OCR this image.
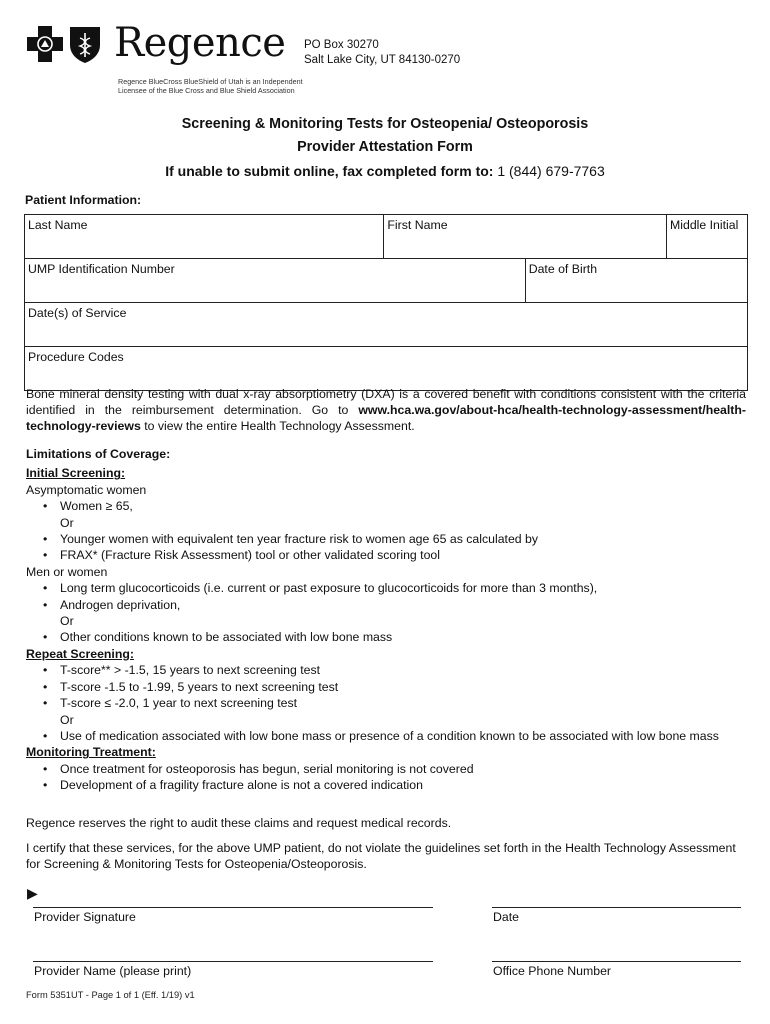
Regence
Regence BlueCross BlueShield of Utah is an Independent
Licensee of the Blue Cross and Blue Shield Association
PO Box 30270
Salt Lake City, UT 84130-0270
Screening & Monitoring Tests for Osteopenia/ Osteoporosis
Provider Attestation Form
If unable to submit online, fax completed form to: 1 (844) 679-7763
Patient Information:
Last Name	First Name		Middle Initial
UMP Identification Number		Date of Birth	
Date(s) of Service			
Procedure Codes			
Bone mineral density testing with dual x-ray absorptiometry (DXA) is a covered benefit with conditions consistent with the criteria identified in the reimbursement determination. Go to www.hca.wa.gov/about-hca/health-technology-assessment/health-technology-reviews to view the entire Health Technology Assessment.
Limitations of Coverage:
Initial Screening:
Asymptomatic women
• Women ≥ 65,
Or
• Younger women with equivalent ten year fracture risk to women age 65 as calculated by
• FRAX* (Fracture Risk Assessment) tool or other validated scoring tool
Men or women
• Long term glucocorticoids (i.e. current or past exposure to glucocorticoids for more than 3 months),
• Androgen deprivation,
Or
• Other conditions known to be associated with low bone mass
Repeat Screening:
• T-score** > -1.5, 15 years to next screening test
• T-score -1.5 to -1.99, 5 years to next screening test
• T-score ≤ -2.0, 1 year to next screening test
Or
• Use of medication associated with low bone mass or presence of a condition known to be associated with low bone mass
Monitoring Treatment:
• Once treatment for osteoporosis has begun, serial monitoring is not covered
• Development of a fragility fracture alone is not a covered indication
Regence reserves the right to audit these claims and request medical records.
I certify that these services, for the above UMP patient, do not violate the guidelines set forth in the Health Technology Assessment for Screening & Monitoring Tests for Osteopenia/Osteoporosis.
▶
Provider Signature	Date
Provider Name (please print)	Office Phone Number
Form 5351UT - Page 1 of 1 (Eff. 1/19) v1
